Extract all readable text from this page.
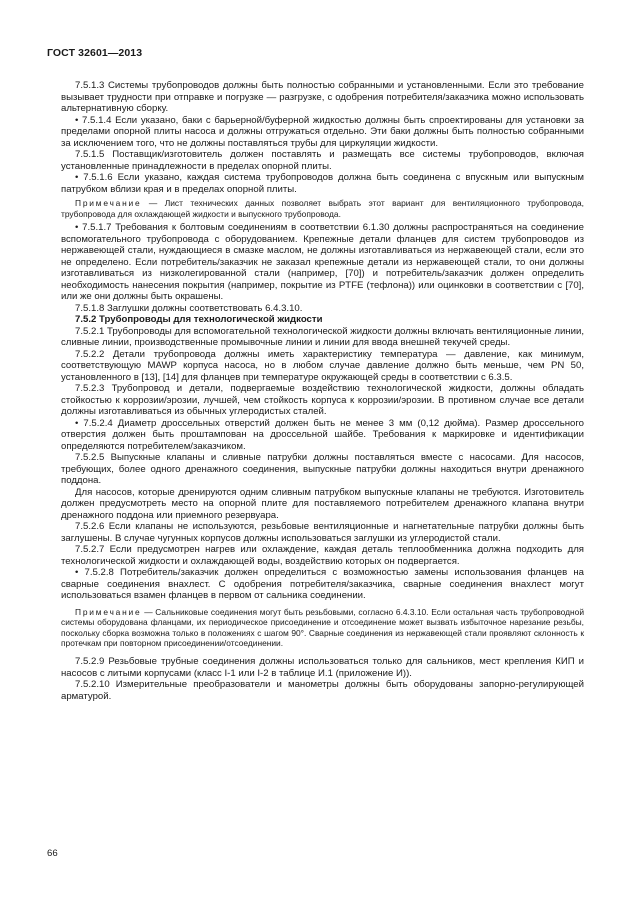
ГОСТ 32601—2013

7.5.1.3 Системы трубопроводов должны быть полностью собранными и установленными. Если это требование вызывает трудности при отправке и погрузке — разгрузке, с одобрения потребителя/заказчика можно использовать альтернативную сборку.

• 7.5.1.4 Если указано, баки с барьерной/буферной жидкостью должны быть спроектированы для установки за пределами опорной плиты насоса и должны отгружаться отдельно. Эти баки должны быть полностью собранными за исключением того, что не должны поставляться трубы для циркуляции жидкости.

7.5.1.5 Поставщик/изготовитель должен поставлять и размещать все системы трубопроводов, включая установленные принадлежности в пределах опорной плиты.

• 7.5.1.6 Если указано, каждая система трубопроводов должна быть соединена с впускным или выпускным патрубком вблизи края и в пределах опорной плиты.

Примечание — Лист технических данных позволяет выбрать этот вариант для вентиляционного трубопровода, трубопровода для охлаждающей жидкости и выпускного трубопровода.

• 7.5.1.7 Требования к болтовым соединениям в соответствии 6.1.30 должны распространяться на соединение вспомогательного трубопровода с оборудованием. Крепежные детали фланцев для систем трубопроводов из нержавеющей стали, нуждающиеся в смазке маслом, не должны изготавливаться из нержавеющей стали, если это не определено. Если потребитель/заказчик не заказал крепежные детали из нержавеющей стали, то они должны изготавливаться из низколегированной стали (например, [70]) и потребитель/заказчик должен определить необходимость нанесения покрытия (например, покрытие из PTFE (тефлона)) или оцинковки в соответствии с [70], или же они должны быть окрашены.

7.5.1.8 Заглушки должны соответствовать 6.4.3.10.

7.5.2 Трубопроводы для технологической жидкости

7.5.2.1 Трубопроводы для вспомогательной технологической жидкости должны включать вентиляционные линии, сливные линии, производственные промывочные линии и линии для ввода внешней текучей среды.

7.5.2.2 Детали трубопровода должны иметь характеристику температура — давление, как минимум, соответствующую MAWP корпуса насоса, но в любом случае давление должно быть меньше, чем PN 50, установленного в [13], [14] для фланцев при температуре окружающей среды в соответствии с 6.3.5.

7.5.2.3 Трубопровод и детали, подвергаемые воздействию технологической жидкости, должны обладать стойкостью к коррозии/эрозии, лучшей, чем стойкость корпуса к коррозии/эрозии. В противном случае все детали должны изготавливаться из обычных углеродистых сталей.

• 7.5.2.4 Диаметр дроссельных отверстий должен быть не менее 3 мм (0,12 дюйма). Размер дроссельного отверстия должен быть проштампован на дроссельной шайбе. Требования к маркировке и идентификации определяются потребителем/заказчиком.

7.5.2.5 Выпускные клапаны и сливные патрубки должны поставляться вместе с насосами. Для насосов, требующих, более одного дренажного соединения, выпускные патрубки должны находиться внутри дренажного поддона.

Для насосов, которые дренируются одним сливным патрубком выпускные клапаны не требуются. Изготовитель должен предусмотреть место на опорной плите для поставляемого потребителем дренажного клапана внутри дренажного поддона или приемного резервуара.

7.5.2.6 Если клапаны не используются, резьбовые вентиляционные и нагнетательные патрубки должны быть заглушены. В случае чугунных корпусов должны использоваться заглушки из углеродистой стали.

7.5.2.7 Если предусмотрен нагрев или охлаждение, каждая деталь теплообменника должна подходить для технологической жидкости и охлаждающей воды, воздействию которых он подвергается.

• 7.5.2.8 Потребитель/заказчик должен определиться с возможностью замены использования фланцев на сварные соединения внахлест. С одобрения потребителя/заказчика, сварные соединения внахлест могут использоваться взамен фланцев в первом от сальника соединении.

Примечание — Сальниковые соединения могут быть резьбовыми, согласно 6.4.3.10. Если остальная часть трубопроводной системы оборудована фланцами, их периодическое присоединение и отсоединение может вызвать избыточное нарезание резьбы, поскольку сборка возможна только в положениях с шагом 90°. Сварные соединения из нержавеющей стали проявляют склонность к протечкам при повторном присоединении/отсоединении.

7.5.2.9 Резьбовые трубные соединения должны использоваться только для сальников, мест крепления КИП и насосов с литыми корпусами (класс I-1 или I-2 в таблице И.1 (приложение И)).

7.5.2.10 Измерительные преобразователи и манометры должны быть оборудованы запорно-регулирующей арматурой.

66
